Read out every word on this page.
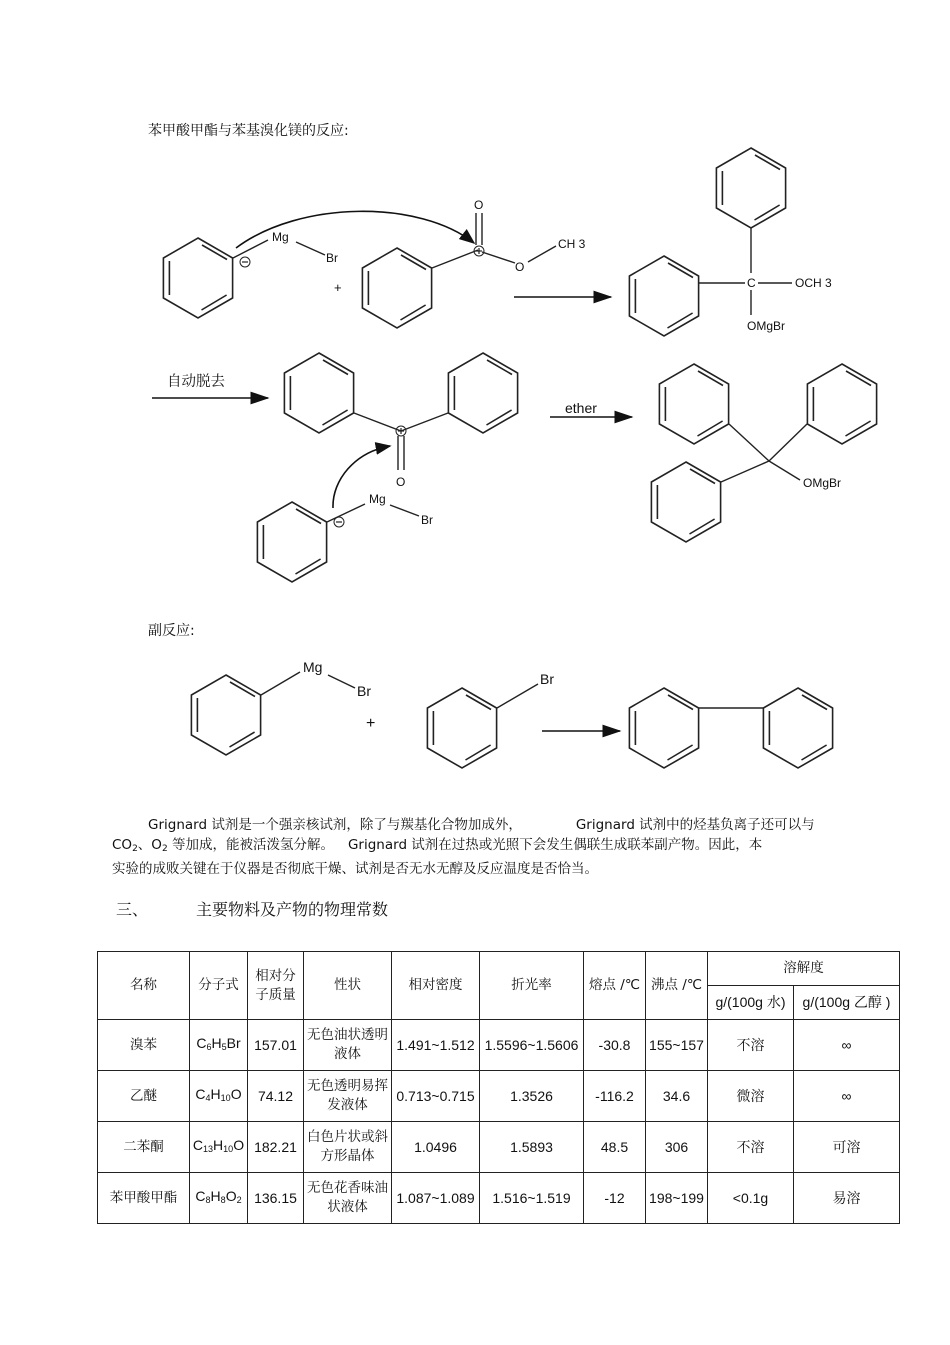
苯甲酸甲酯与苯基溴化镁的反应:
Mg
Br
+
O
O
CH 3
C	OCH 3
OMgBr
自动脱去
O
ether
Mg
Br
OMgBr
Mg
Br
+
Br
副反应:
Grignard 试剂是一个强亲核试剂，除了与羰基化合物加成外，	Grignard 试剂中的烃基负离子还可以与
$CO_2$、$O_2$ 等加成，能被活泼氢分解。 Grignard 试剂在过热或光照下会发生偶联生成联苯副产物。因此，本
实验的成败关键在于仪器是否彻底干燥、试剂是否无水无醇及反应温度是否恰当。
三、	主要物料及产物的物理常数
名称	分子式	相对分子质量	性状	相对密度	折光率	熔点 /℃	沸点 /℃	溶解度	
								g/(100g 水)	g/(100g 乙醇 )
溴苯	$C_6H_5Br$	157.01	无色油状透明液体	1.491~1.512	1.5596~1.5606	-30.8	155~157	不溶	∞
乙醚	$C_4H_{10}O$	74.12	无色透明易挥发液体	0.713~0.715	1.3526	-116.2	34.6	微溶	∞
二苯酮	$C_{13}H_{10}O$	182.21	白色片状或斜方形晶体	1.0496	1.5893	48.5	306	不溶	可溶
苯甲酸甲酯	$C_8H_8O_2$	136.15	无色花香味油状液体	1.087~1.089	1.516~1.519	-12	198~199	<0.1g	易溶
